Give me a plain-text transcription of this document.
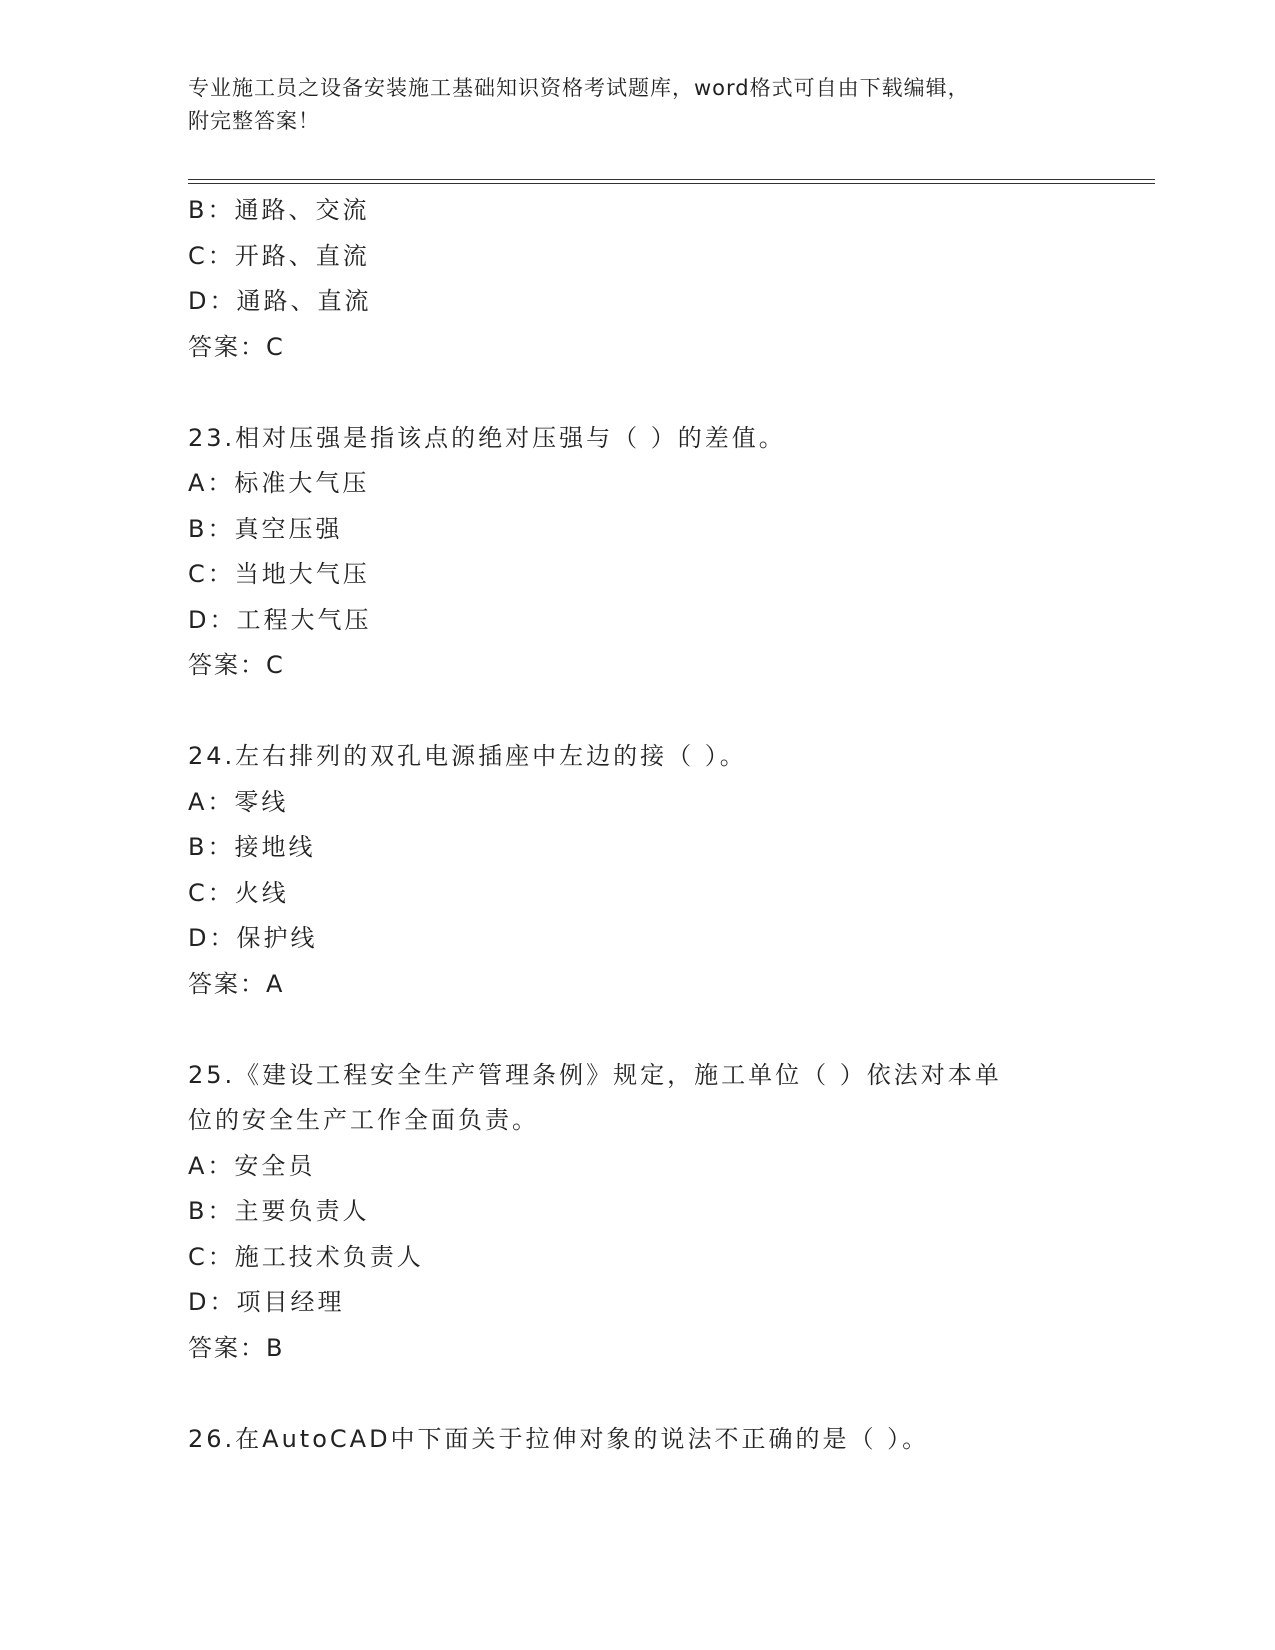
专业施工员之设备安装施工基础知识资格考试题库，word格式可自由下载编辑，
附完整答案！
B：通路、交流
C：开路、直流
D：通路、直流
答案：C
23.相对压强是指该点的绝对压强与（ ）的差值。
A：标准大气压
B：真空压强
C：当地大气压
D：工程大气压
答案：C
24.左右排列的双孔电源插座中左边的接（ ）。
A：零线
B：接地线
C：火线
D：保护线
答案：A
25.《建设工程安全生产管理条例》规定，施工单位（ ）依法对本单
位的安全生产工作全面负责。
A：安全员
B：主要负责人
C：施工技术负责人
D：项目经理
答案：B
26.在AutoCAD中下面关于拉伸对象的说法不正确的是（ ）。
